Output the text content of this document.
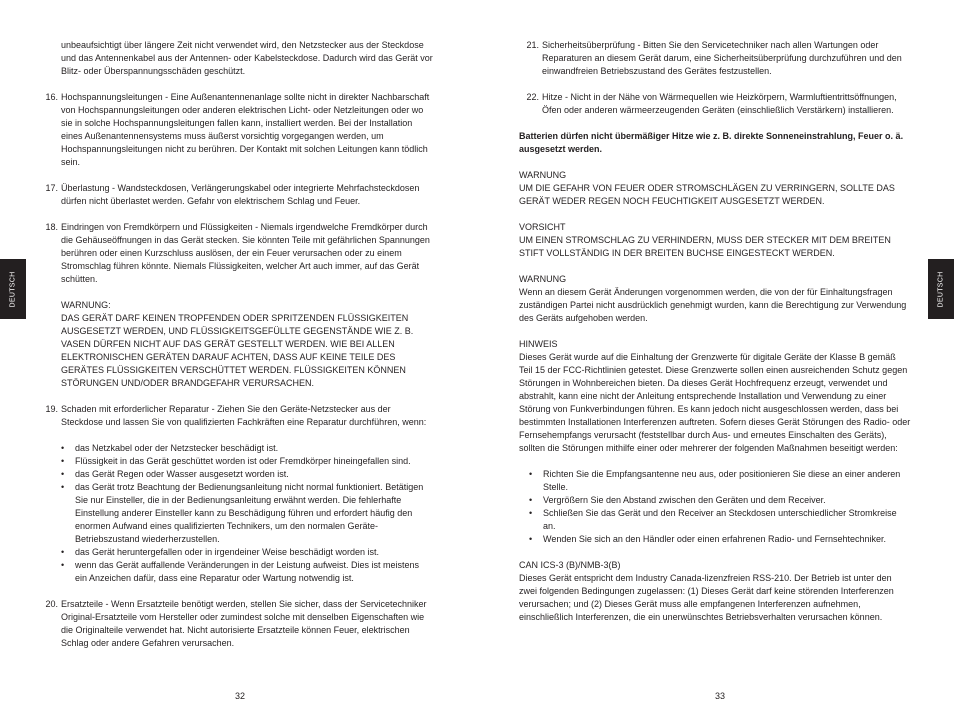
DEUTSCH	DEUTSCH

unbeaufsichtigt über längere Zeit nicht verwendet wird, den Netzstecker aus der Steckdose und das Antennenkabel aus der Antennen- oder Kabelsteckdose. Dadurch wird das Gerät vor Blitz- oder Überspannungsschäden geschützt.

16. Hochspannungsleitungen - Eine Außenantennenanlage sollte nicht in direkter Nachbarschaft von Hochspannungsleitungen oder anderen elektrischen Licht- oder Netzleitungen oder wo sie in solche Hochspannungsleitungen fallen kann, installiert werden. Bei der Installation eines Außenantennensystems muss äußerst vorsichtig vorgegangen werden, um Hochspannungsleitungen nicht zu berühren. Der Kontakt mit solchen Leitungen kann tödlich sein.

17. Überlastung - Wandsteckdosen, Verlängerungskabel oder integrierte Mehrfachsteckdosen dürfen nicht überlastet werden. Gefahr von elektrischem Schlag und Feuer.

18. Eindringen von Fremdkörpern und Flüssigkeiten - Niemals irgendwelche Fremdkörper durch die Gehäuseöffnungen in das Gerät stecken. Sie könnten Teile mit gefährlichen Spannungen berühren oder einen Kurzschluss auslösen, der ein Feuer verursachen oder zu einem Stromschlag führen könnte. Niemals Flüssigkeiten, welcher Art auch immer, auf das Gerät schütten.

WARNUNG:

DAS GERÄT DARF KEINEN TROPFENDEN ODER SPRITZENDEN FLÜSSIGKEITEN AUSGESETZT WERDEN, UND FLÜSSIGKEITSGEFÜLLTE GEGENSTÄNDE WIE Z. B. VASEN DÜRFEN NICHT AUF DAS GERÄT GESTELLT WERDEN. WIE BEI ALLEN ELEKTRONISCHEN GERÄTEN DARAUF ACHTEN, DASS AUF KEINE TEILE DES GERÄTES FLÜSSIGKEITEN VERSCHÜTTET WERDEN. FLÜSSIGKEITEN KÖNNEN STÖRUNGEN UND/ODER BRANDGEFAHR VERURSACHEN.

19. Schaden mit erforderlicher Reparatur - Ziehen Sie den Geräte-Netzstecker aus der Steckdose und lassen Sie von qualifizierten Fachkräften eine Reparatur durchführen, wenn:

• das Netzkabel oder der Netzstecker beschädigt ist.
• Flüssigkeit in das Gerät geschüttet worden ist oder Fremdkörper hineingefallen sind.
• das Gerät Regen oder Wasser ausgesetzt worden ist.
• das Gerät trotz Beachtung der Bedienungsanleitung nicht normal funktioniert. Betätigen Sie nur Einsteller, die in der Bedienungsanleitung erwähnt werden. Die fehlerhafte Einstellung anderer Einsteller kann zu Beschädigung führen und erfordert häufig den enormen Aufwand eines qualifizierten Technikers, um den normalen Geräte-Betriebszustand wiederherzustellen.
• das Gerät heruntergefallen oder in irgendeiner Weise beschädigt worden ist.
• wenn das Gerät auffallende Veränderungen in der Leistung aufweist. Dies ist meistens ein Anzeichen dafür, dass eine Reparatur oder Wartung notwendig ist.
20. Ersatzteile - Wenn Ersatzteile benötigt werden, stellen Sie sicher, dass der Servicetechniker Original-Ersatzteile vom Hersteller oder zumindest solche mit denselben Eigenschaften wie die Originalteile verwendet hat. Nicht autorisierte Ersatzteile können Feuer, elektrischen Schlag oder andere Gefahren verursachen.

32
21. Sicherheitsüberprüfung - Bitten Sie den Servicetechniker nach allen Wartungen oder Reparaturen an diesem Gerät darum, eine Sicherheitsüberprüfung durchzuführen und den einwandfreien Betriebszustand des Gerätes festzustellen.

22. Hitze - Nicht in der Nähe von Wärmequellen wie Heizkörpern, Warmluftientrittsöffnungen, Öfen oder anderen wärmeerzeugenden Geräten (einschließlich Verstärkern) installieren.

Batterien dürfen nicht übermäßiger Hitze wie z. B. direkte Sonneneinstrahlung, Feuer o. ä. ausgesetzt werden.

WARNUNG

UM DIE GEFAHR VON FEUER ODER STROMSCHLÄGEN ZU VERRINGERN, SOLLTE DAS GERÄT WEDER REGEN NOCH FEUCHTIGKEIT AUSGESETZT WERDEN.

VORSICHT

UM EINEN STROMSCHLAG ZU VERHINDERN, MUSS DER STECKER MIT DEM BREITEN STIFT VOLLSTÄNDIG IN DER BREITEN BUCHSE EINGESTECKT WERDEN.

WARNUNG

Wenn an diesem Gerät Änderungen vorgenommen werden, die von der für Einhaltungsfragen zuständigen Partei nicht ausdrücklich genehmigt wurden, kann die Berechtigung zur Verwendung des Geräts aufgehoben werden.

HINWEIS

Dieses Gerät wurde auf die Einhaltung der Grenzwerte für digitale Geräte der Klasse B gemäß Teil 15 der FCC-Richtlinien getestet. Diese Grenzwerte sollen einen ausreichenden Schutz gegen Störungen in Wohnbereichen bieten. Da dieses Gerät Hochfrequenz erzeugt, verwendet und abstrahlt, kann eine nicht der Anleitung entsprechende Installation und Verwendung zu einer Störung von Funkverbindungen führen. Es kann jedoch nicht ausgeschlossen werden, dass bei bestimmten Installationen Interferenzen auftreten. Sofern dieses Gerät Störungen des Radio- oder Fernsehempfangs verursacht (feststellbar durch Aus- und erneutes Einschalten des Geräts), sollten die Störungen mithilfe einer oder mehrerer der folgenden Maßnahmen beseitigt werden:

• Richten Sie die Empfangsantenne neu aus, oder positionieren Sie diese an einer anderen Stelle.
• Vergrößern Sie den Abstand zwischen den Geräten und dem Receiver.
• Schließen Sie das Gerät und den Receiver an Steckdosen unterschiedlicher Stromkreise an.
• Wenden Sie sich an den Händler oder einen erfahrenen Radio- und Fernsehtechniker.

CAN ICS-3 (B)/NMB-3(B)

Dieses Gerät entspricht dem Industry Canada-lizenzfreien RSS-210. Der Betrieb ist unter den zwei folgenden Bedingungen zugelassen: (1) Dieses Gerät darf keine störenden Interferenzen verursachen; und (2) Dieses Gerät muss alle empfangenen Interferenzen aufnehmen, einschließlich Interferenzen, die ein unerwünschtes Betriebsverhalten verursachen können.

33
